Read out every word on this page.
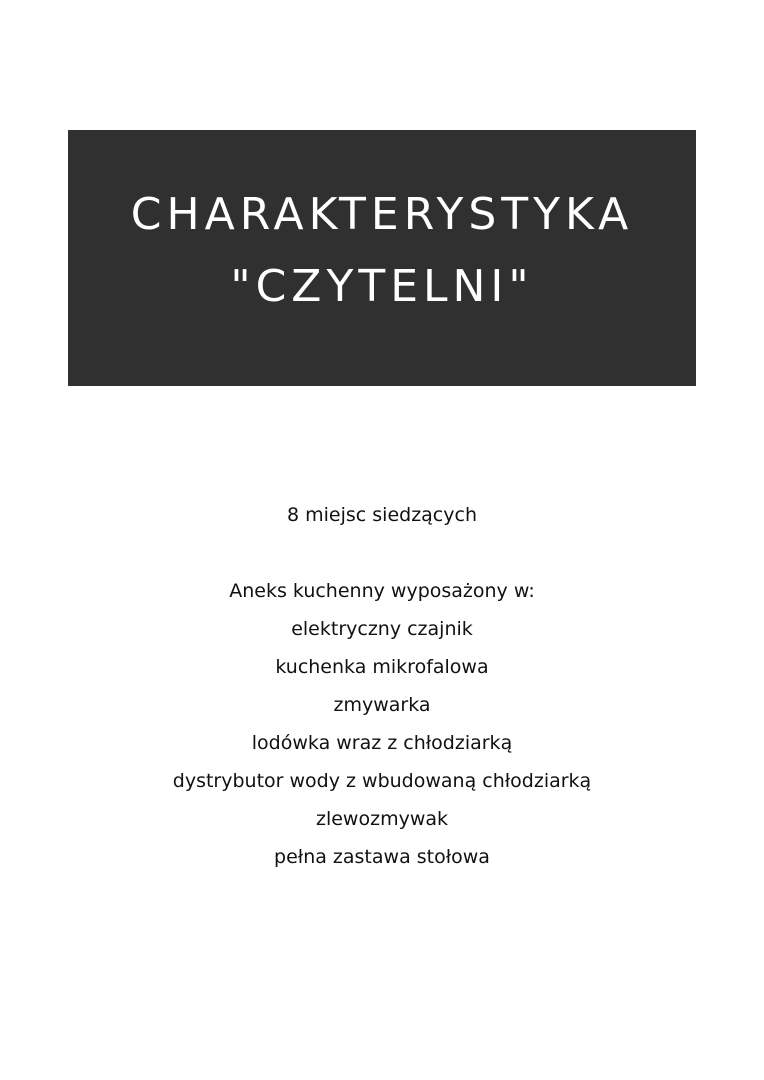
CHARAKTERYSTYKA
"CZYTELNI"
8 miejsc siedzących
Aneks kuchenny wyposażony w:
elektryczny czajnik
kuchenka mikrofalowa
zmywarka
lodówka wraz z chłodziarką
dystrybutor wody z wbudowaną chłodziarką
zlewozmywak
pełna zastawa stołowa
